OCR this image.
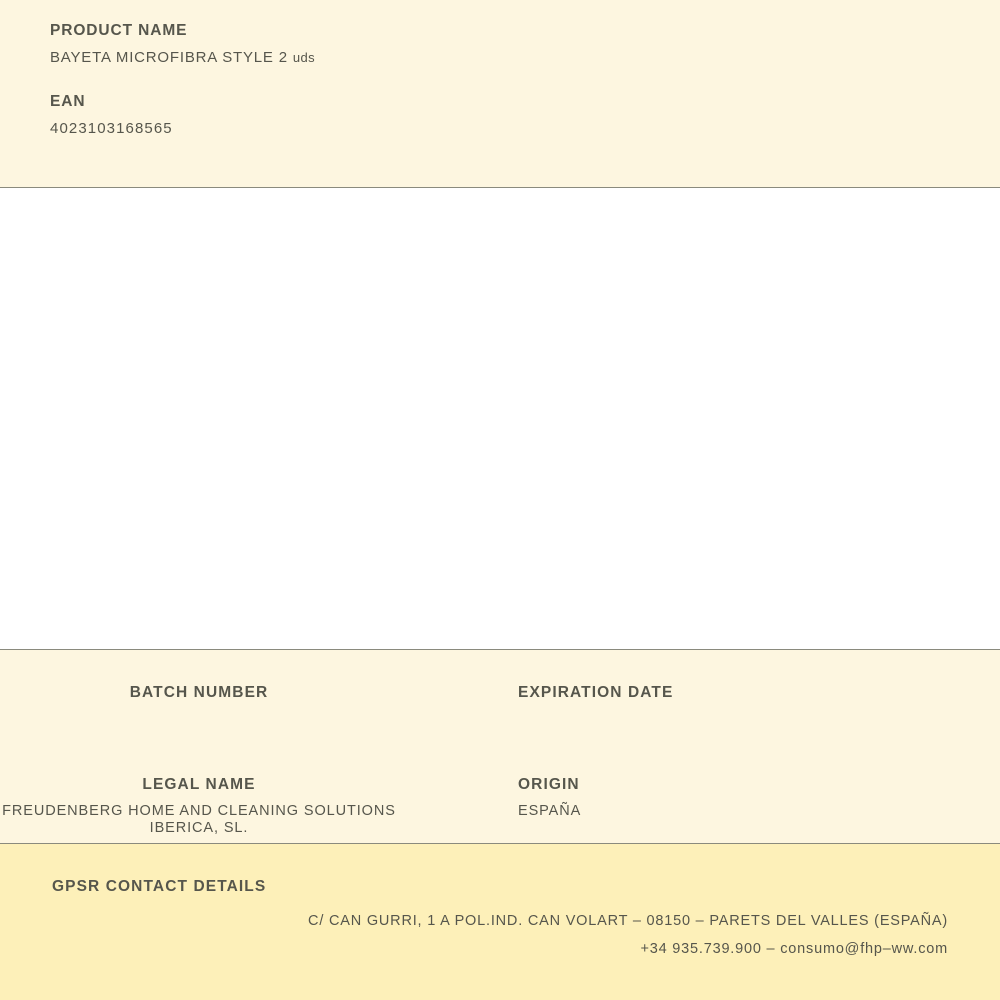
PRODUCT NAME
BAYETA MICROFIBRA STYLE 2 uds
EAN
4023103168565
BATCH NUMBER	EXPIRATION DATE
LEGAL NAME
FREUDENBERG HOME AND CLEANING SOLUTIONS IBERICA, SL.
ORIGIN
ESPAÑA
GPSR CONTACT DETAILS
C/ CAN GURRI, 1 A POL.IND. CAN VOLART – 08150 – PARETS DEL VALLES (ESPAÑA)
+34 935.739.900 – consumo@fhp–ww.com
